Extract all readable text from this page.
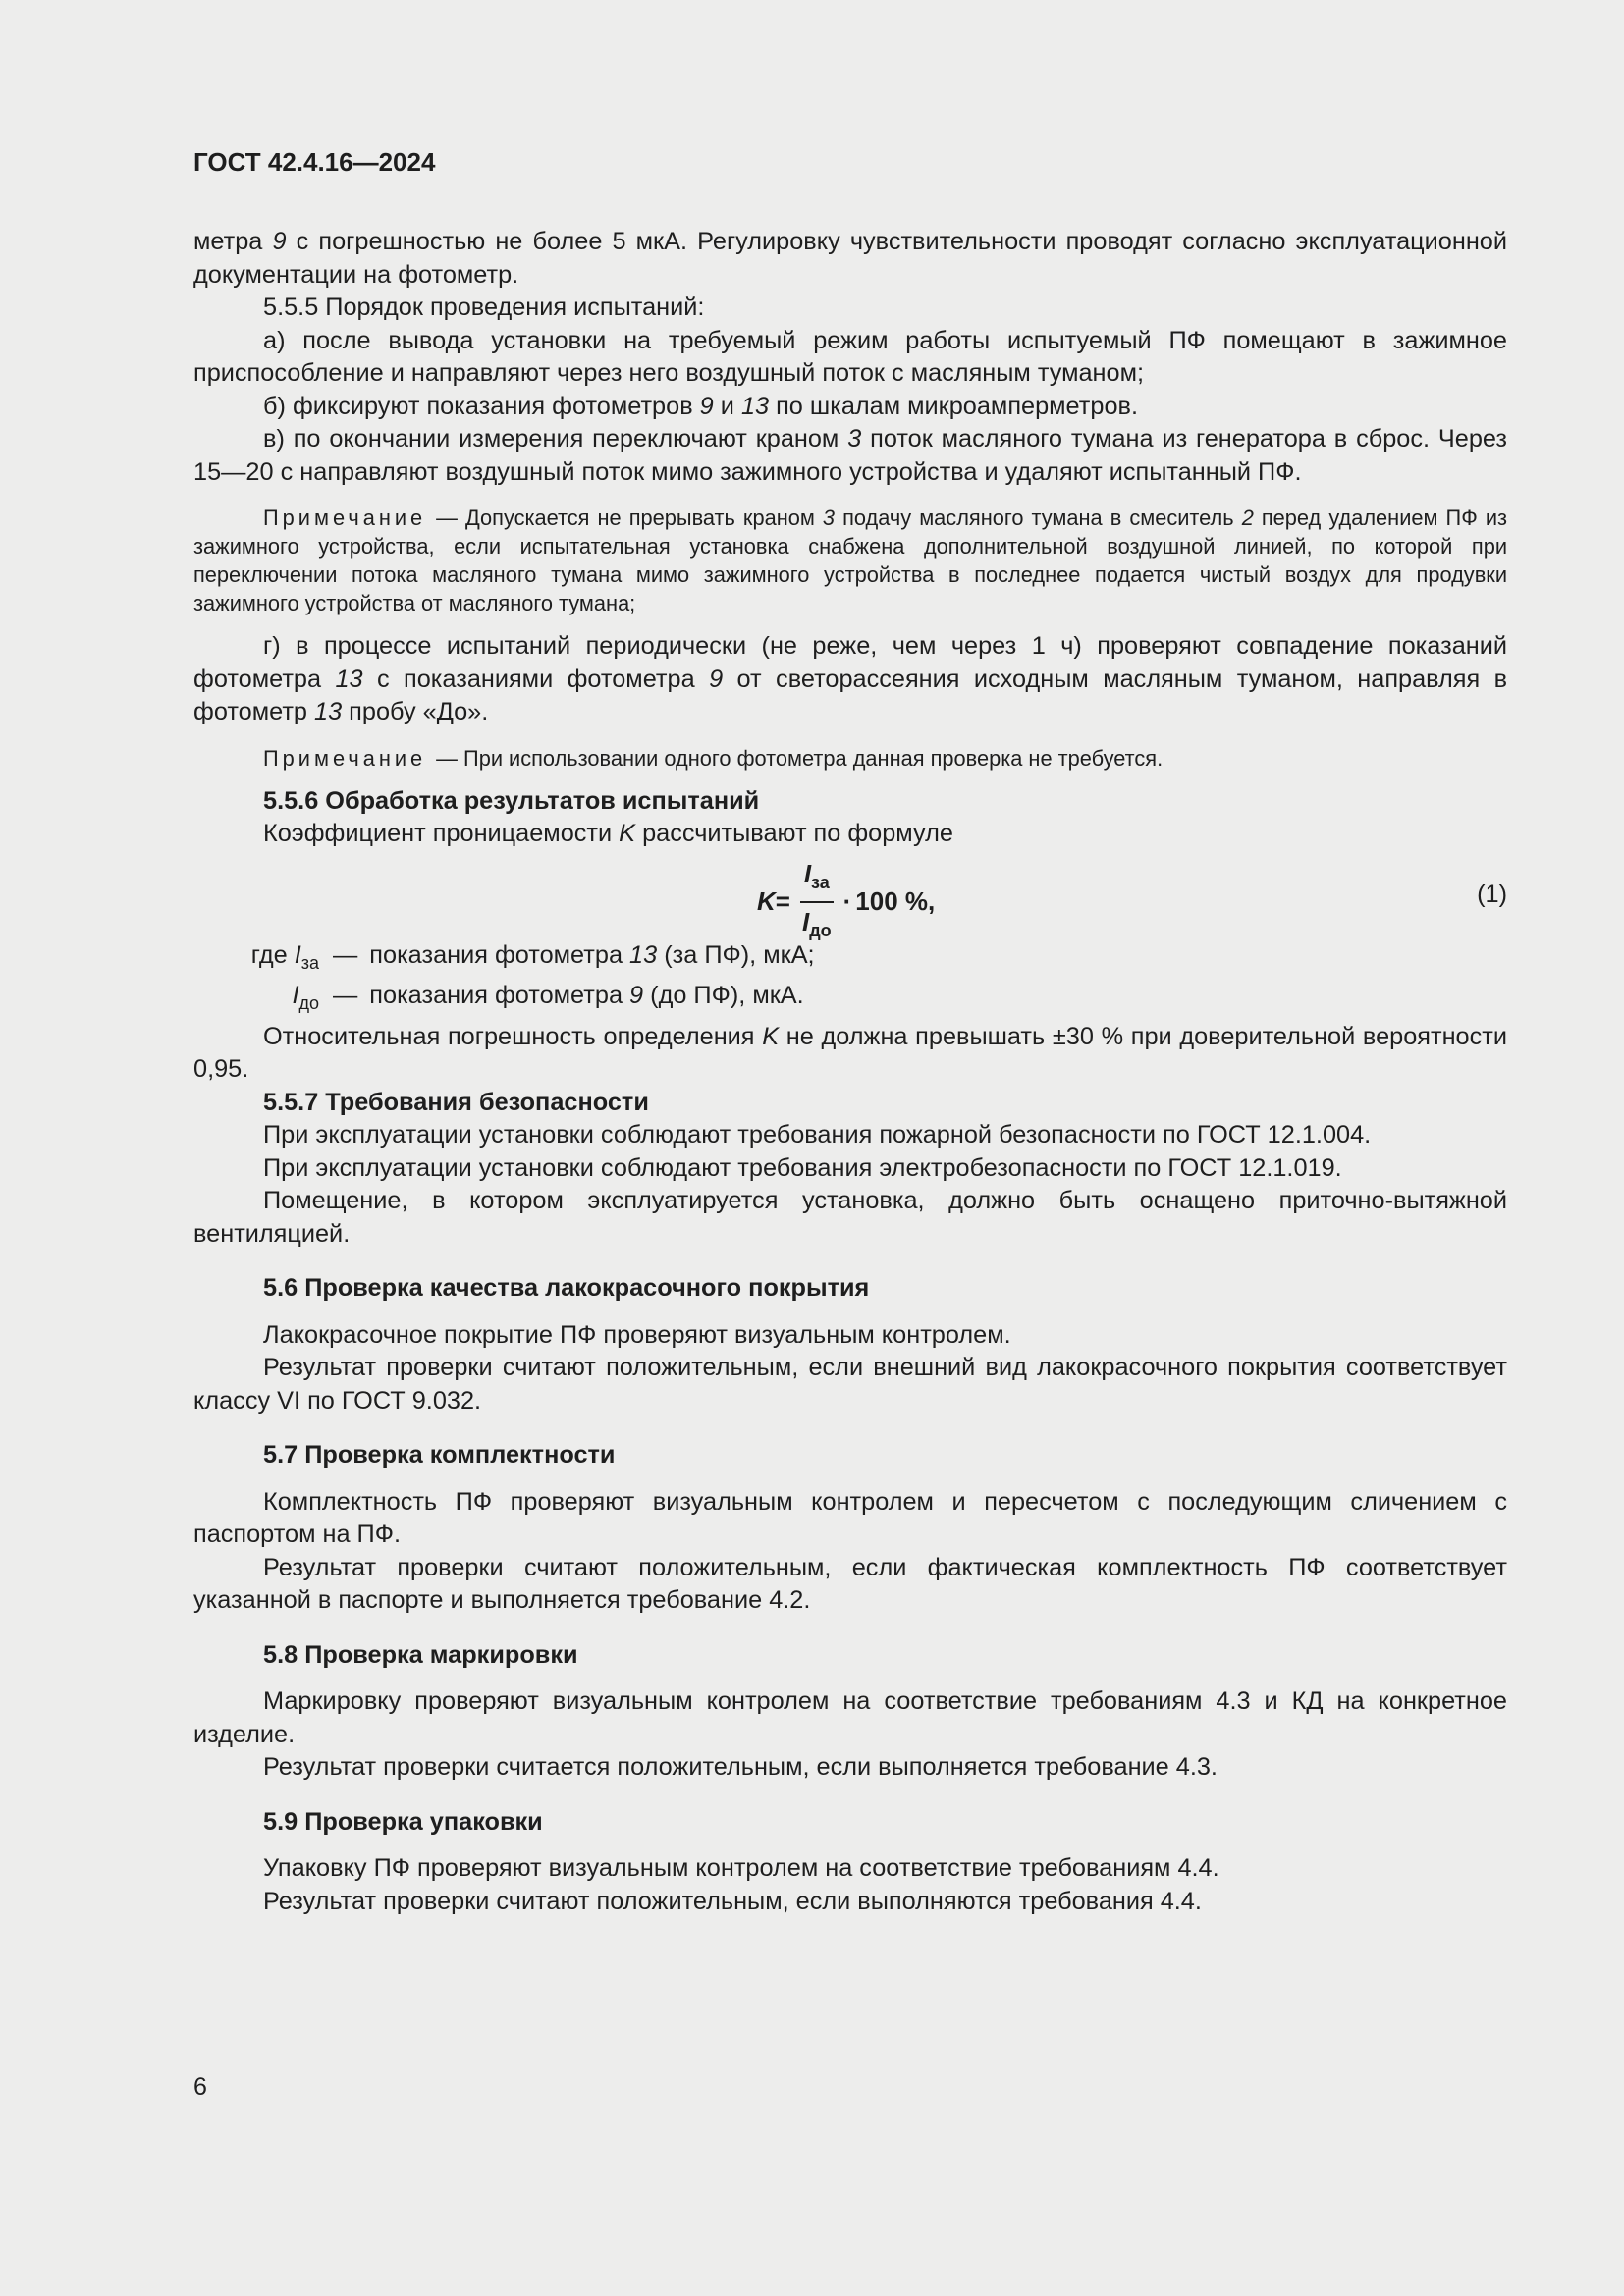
ГОСТ 42.4.16—2024

метра 9 с погрешностью не более 5 мкА. Регулировку чувствительности проводят согласно эксплуатационной документации на фотометр.

5.5.5 Порядок проведения испытаний:

а) после вывода установки на требуемый режим работы испытуемый ПФ помещают в зажимное приспособление и направляют через него воздушный поток с масляным туманом;

б) фиксируют показания фотометров 9 и 13 по шкалам микроамперметров.

в) по окончании измерения переключают краном 3 поток масляного тумана из генератора в сброс. Через 15—20 с направляют воздушный поток мимо зажимного устройства и удаляют испытанный ПФ.

Примечание — Допускается не прерывать краном 3 подачу масляного тумана в смеситель 2 перед удалением ПФ из зажимного устройства, если испытательная установка снабжена дополнительной воздушной линией, по которой при переключении потока масляного тумана мимо зажимного устройства в последнее подается чистый воздух для продувки зажимного устройства от масляного тумана;

г) в процессе испытаний периодически (не реже, чем через 1 ч) проверяют совпадение показаний фотометра 13 с показаниями фотометра 9 от светорассеяния исходным масляным туманом, направляя в фотометр 13 пробу «До».

Примечание — При использовании одного фотометра данная проверка не требуется.

5.5.6 Обработка результатов испытаний

Коэффициент проницаемости K рассчитывают по формуле

$K = \frac{I_{за}}{I_{до}} \cdot 100$ %,	(1)
где $I_{за}$ — показания фотометра 13 (за ПФ), мкА;
$I_{до}$ — показания фотометра 9 (до ПФ), мкА.

Относительная погрешность определения K не должна превышать ±30 % при доверительной вероятности 0,95.

5.5.7 Требования безопасности

При эксплуатации установки соблюдают требования пожарной безопасности по ГОСТ 12.1.004.

При эксплуатации установки соблюдают требования электробезопасности по ГОСТ 12.1.019.

Помещение, в котором эксплуатируется установка, должно быть оснащено приточно-вытяжной вентиляцией.

5.6 Проверка качества лакокрасочного покрытия

Лакокрасочное покрытие ПФ проверяют визуальным контролем.

Результат проверки считают положительным, если внешний вид лакокрасочного покрытия соответствует классу VI по ГОСТ 9.032.

5.7 Проверка комплектности

Комплектность ПФ проверяют визуальным контролем и пересчетом с последующим сличением с паспортом на ПФ.

Результат проверки считают положительным, если фактическая комплектность ПФ соответствует указанной в паспорте и выполняется требование 4.2.

5.8 Проверка маркировки

Маркировку проверяют визуальным контролем на соответствие требованиям 4.3 и КД на конкретное изделие.

Результат проверки считается положительным, если выполняется требование 4.3.

5.9 Проверка упаковки

Упаковку ПФ проверяют визуальным контролем на соответствие требованиям 4.4.

Результат проверки считают положительным, если выполняются требования 4.4.

6
